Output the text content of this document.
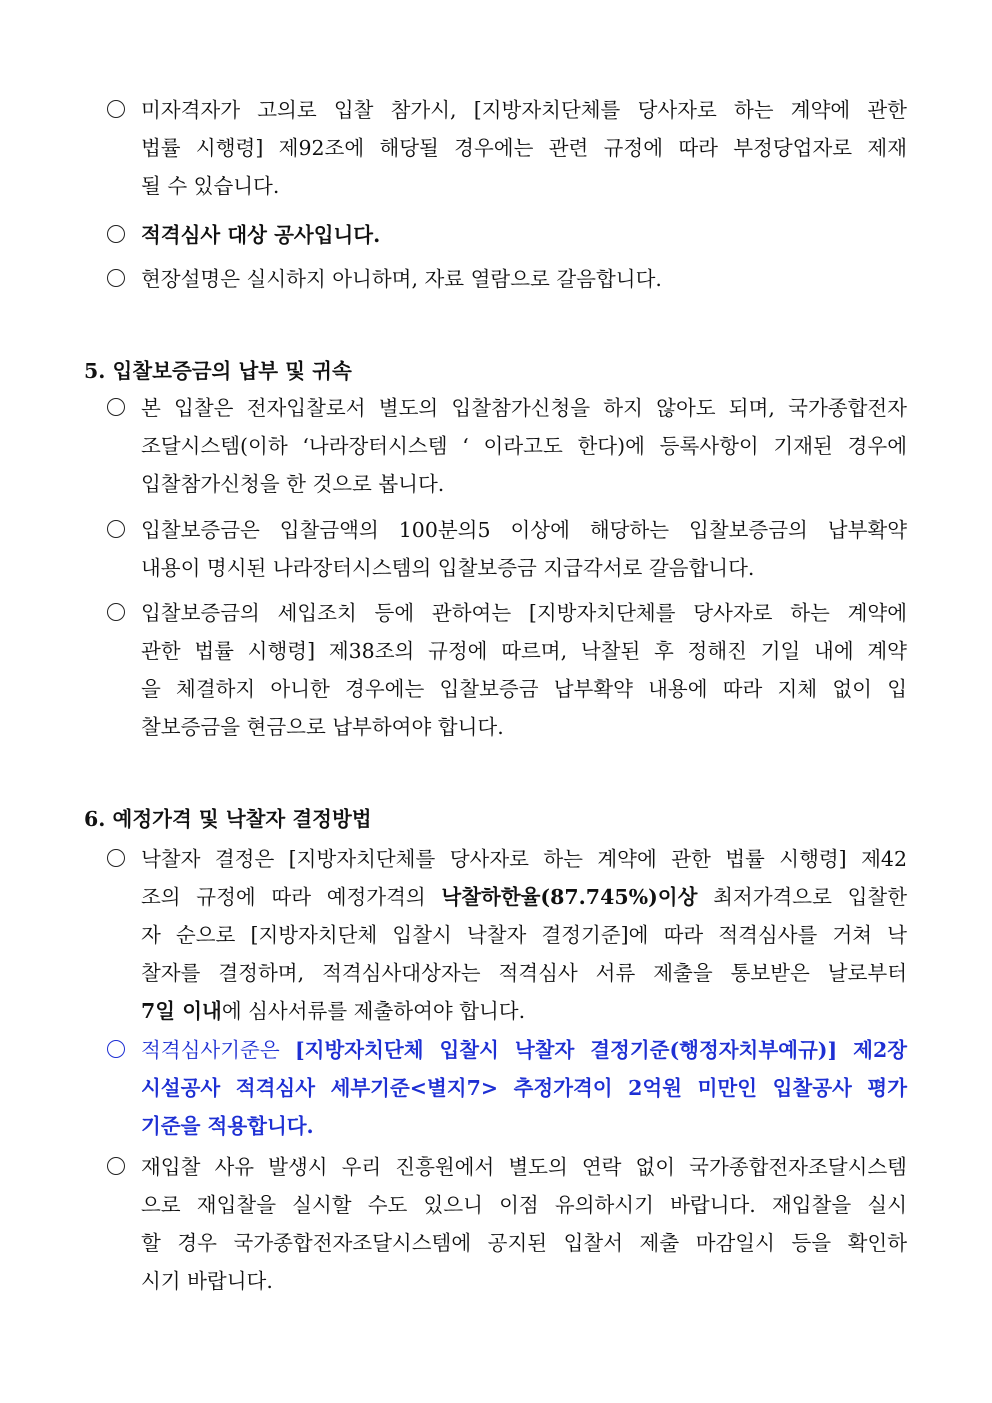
미자격자가 고의로 입찰 참가시, [지방자치단체를 당사자로 하는 계약에 관한
법률 시행령] 제92조에 해당될 경우에는 관련 규정에 따라 부정당업자로 제재
될 수 있습니다.
적격심사 대상 공사입니다.
현장설명은 실시하지 아니하며, 자료 열람으로 갈음합니다.
5. 입찰보증금의 납부 및 귀속
본 입찰은 전자입찰로서 별도의 입찰참가신청을 하지 않아도 되며, 국가종합전자
조달시스템(이하 ‘나라장터시스템 ‘ 이라고도 한다)에 등록사항이 기재된 경우에
입찰참가신청을 한 것으로 봅니다.
입찰보증금은 입찰금액의 100분의5 이상에 해당하는 입찰보증금의 납부확약
내용이 명시된 나라장터시스템의 입찰보증금 지급각서로 갈음합니다.
입찰보증금의 세입조치 등에 관하여는 [지방자치단체를 당사자로 하는 계약에
관한 법률 시행령] 제38조의 규정에 따르며, 낙찰된 후 정해진 기일 내에 계약
을 체결하지 아니한 경우에는 입찰보증금 납부확약 내용에 따라 지체 없이 입
찰보증금을 현금으로 납부하여야 합니다.
6. 예정가격 및 낙찰자 결정방법
낙찰자 결정은 [지방자치단체를 당사자로 하는 계약에 관한 법률 시행령] 제42
조의 규정에 따라 예정가격의 낙찰하한율(87.745%)이상 최저가격으로 입찰한
자 순으로 [지방자치단체 입찰시 낙찰자 결정기준]에 따라 적격심사를 거쳐 낙
찰자를 결정하며, 적격심사대상자는 적격심사 서류 제출을 통보받은 날로부터
7일 이내에 심사서류를 제출하여야 합니다.
적격심사기준은 [지방자치단체 입찰시 낙찰자 결정기준(행정자치부예규)] 제2장
시설공사 적격심사 세부기준<별지7> 추정가격이 2억원 미만인 입찰공사 평가
기준을 적용합니다.
재입찰 사유 발생시 우리 진흥원에서 별도의 연락 없이 국가종합전자조달시스템
으로 재입찰을 실시할 수도 있으니 이점 유의하시기 바랍니다. 재입찰을 실시
할 경우 국가종합전자조달시스템에 공지된 입찰서 제출 마감일시 등을 확인하
시기 바랍니다.
